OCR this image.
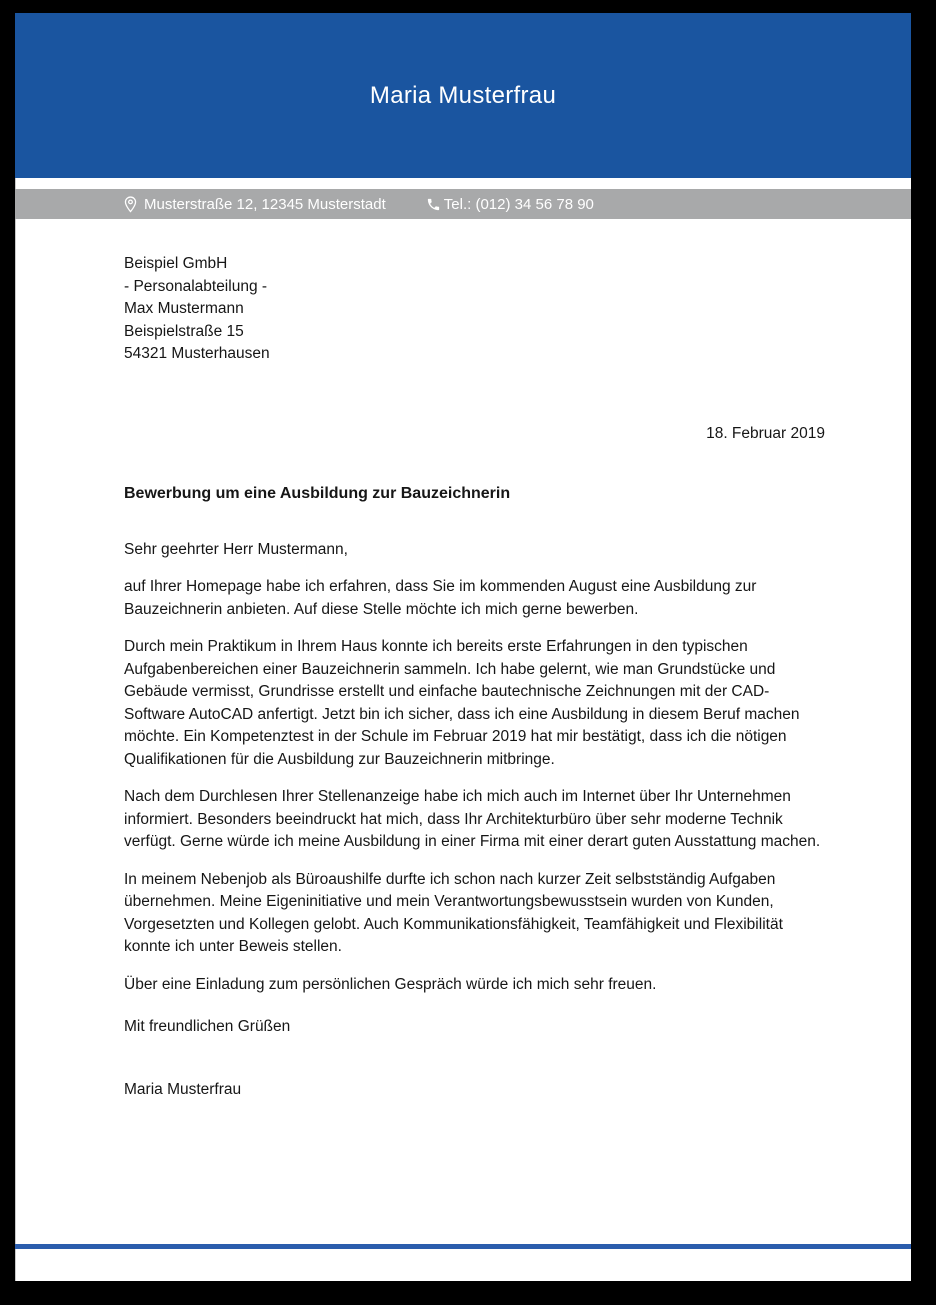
Maria Musterfrau
Musterstraße 12, 12345 Musterstadt	Tel.: (012) 34 56 78 90
Beispiel GmbH
- Personalabteilung -
Max Mustermann
Beispielstraße 15
54321 Musterhausen
18. Februar 2019
Bewerbung um eine Ausbildung zur Bauzeichnerin
Sehr geehrter Herr Mustermann,

auf Ihrer Homepage habe ich erfahren, dass Sie im kommenden August eine Ausbildung zur Bauzeichnerin anbieten. Auf diese Stelle möchte ich mich gerne bewerben.

Durch mein Praktikum in Ihrem Haus konnte ich bereits erste Erfahrungen in den typischen Aufgabenbereichen einer Bauzeichnerin sammeln. Ich habe gelernt, wie man Grundstücke und Gebäude vermisst, Grundrisse erstellt und einfache bautechnische Zeichnungen mit der CAD-Software AutoCAD anfertigt. Jetzt bin ich sicher, dass ich eine Ausbildung in diesem Beruf machen möchte. Ein Kompetenztest in der Schule im Februar 2019 hat mir bestätigt, dass ich die nötigen Qualifikationen für die Ausbildung zur Bauzeichnerin mitbringe.

Nach dem Durchlesen Ihrer Stellenanzeige habe ich mich auch im Internet über Ihr Unternehmen informiert. Besonders beeindruckt hat mich, dass Ihr Architekturbüro über sehr moderne Technik verfügt. Gerne würde ich meine Ausbildung in einer Firma mit einer derart guten Ausstattung machen.

In meinem Nebenjob als Büroaushilfe durfte ich schon nach kurzer Zeit selbstständig Aufgaben übernehmen. Meine Eigeninitiative und mein Verantwortungsbewusstsein wurden von Kunden, Vorgesetzten und Kollegen gelobt. Auch Kommunikationsfähigkeit, Teamfähigkeit und Flexibilität konnte ich unter Beweis stellen.

Über eine Einladung zum persönlichen Gespräch würde ich mich sehr freuen.

Mit freundlichen Grüßen
Maria Musterfrau
